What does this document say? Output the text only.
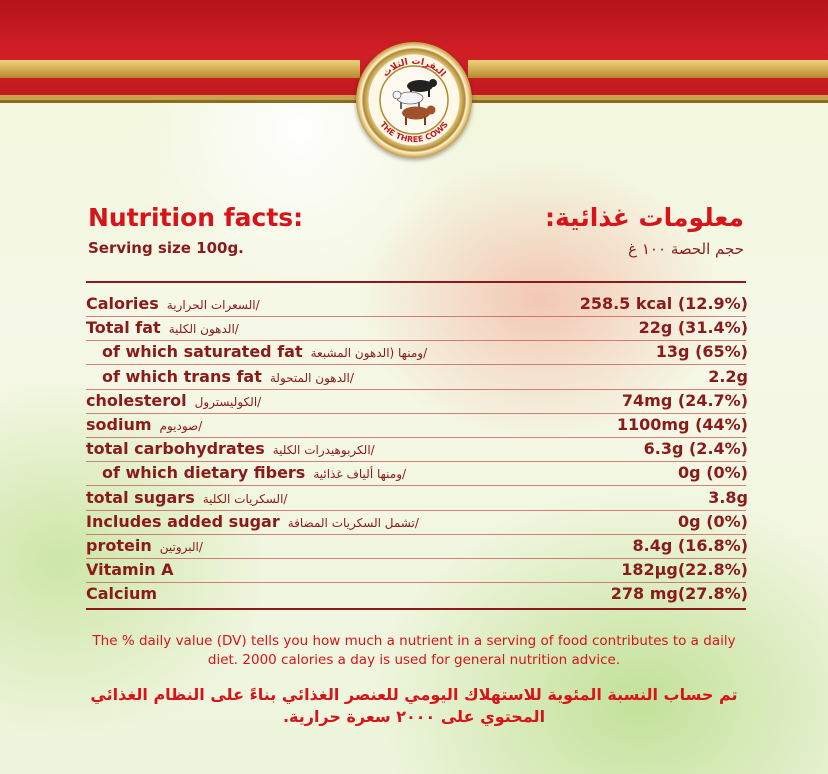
البقرات الثلاث
THE THREE COWS
Nutrition facts:
Serving size 100g.
معلومات غذائية:
حجم الحصة ١٠٠ غ
Calories السعرات الحرارية/	258.5 kcal (12.9%)
Total fat الدهون الكلية/	22g (31.4%)
of which saturated fat ومنها (الدهون المشبعة/	13g (65%)
of which trans fat الدهون المتحولة/	2.2g
cholesterol الكوليسترول/	74mg (24.7%)
sodium صوديوم/	1100mg (44%)
total carbohydrates الكربوهيدرات الكلية/	6.3g (2.4%)
of which dietary fibers ومنها ألياف غذائية/	0g (0%)
total sugars السكريات الكلية/	3.8g
Includes added sugar تشمل السكريات المضافة/	0g (0%)
protein البروتين/	8.4g (16.8%)
Vitamin A	182µg(22.8%)
Calcium	278 mg(27.8%)
The % daily value (DV) tells you how much a nutrient in a serving of food contributes to a daily diet. 2000 calories a day is used for general nutrition advice.
تم حساب النسبة المئوية للاستهلاك اليومي للعنصر الغذائي بناءً على النظام الغذائي المحتوي على ٢٠٠٠ سعرة حرارية.
